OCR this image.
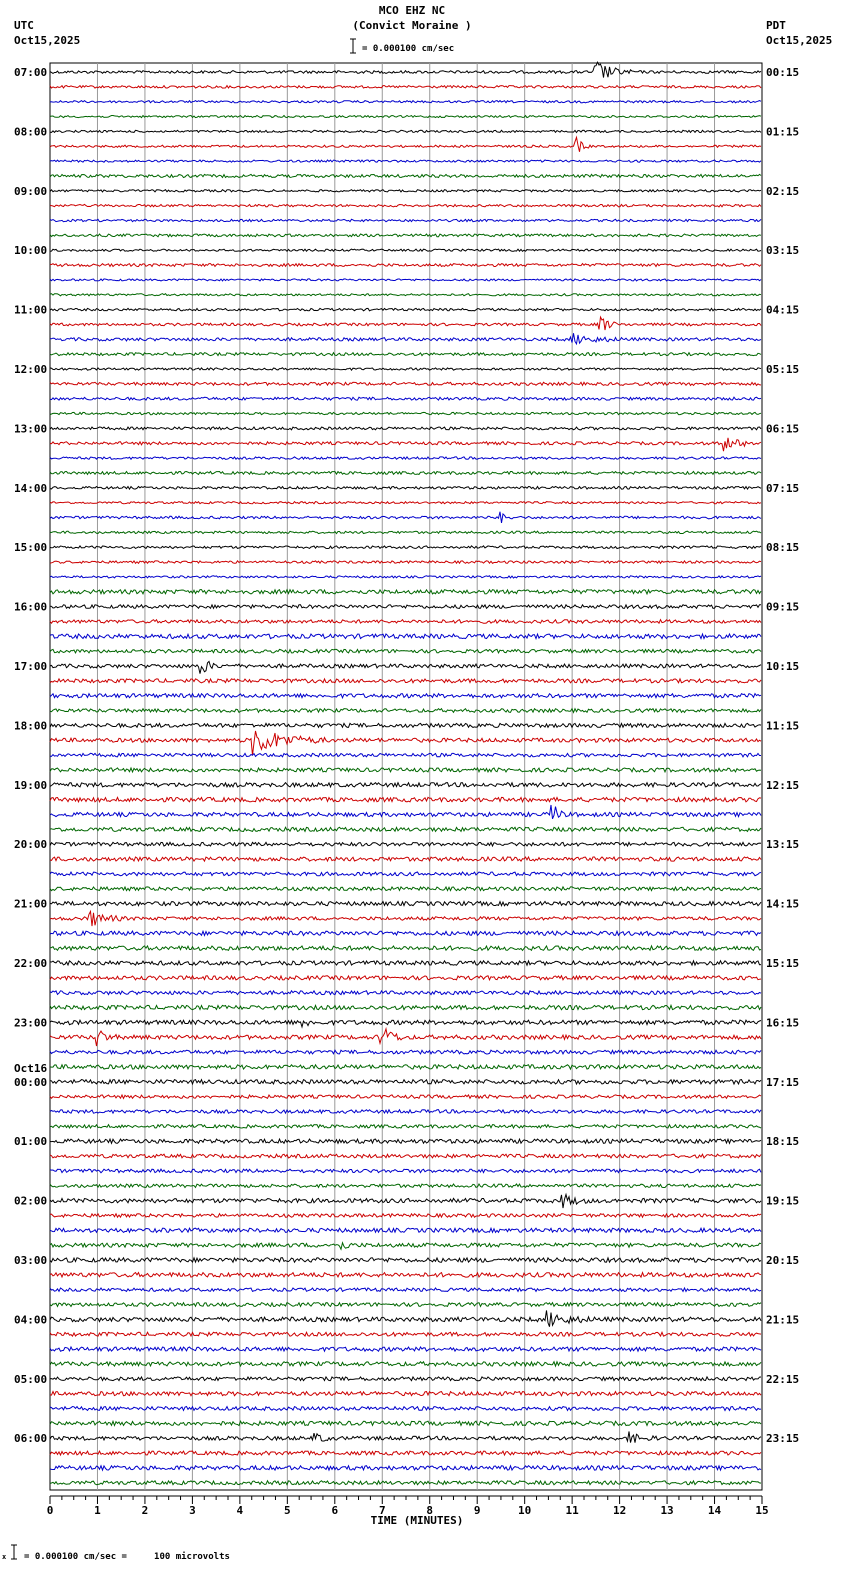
MCO EHZ NC
(Convict Moraine )
= 0.000100 cm/sec
UTC
Oct15,2025
PDT
Oct15,2025
07:00
08:00
09:00
10:00
11:00
12:00
13:00
14:00
15:00
16:00
17:00
18:00
19:00
20:00
21:00
22:00
23:00
00:00
Oct16
01:00
02:00
03:00
04:00
05:00
06:00
00:15
01:15
02:15
03:15
04:15
05:15
06:15
07:15
08:15
09:15
10:15
11:15
12:15
13:15
14:15
15:15
16:15
17:15
18:15
19:15
20:15
21:15
22:15
23:15
0	1	2	3	4	5	6	7	8	9	10	11	12	13	14	15
TIME (MINUTES)
= 0.000100 cm/sec =     100 microvolts
x
